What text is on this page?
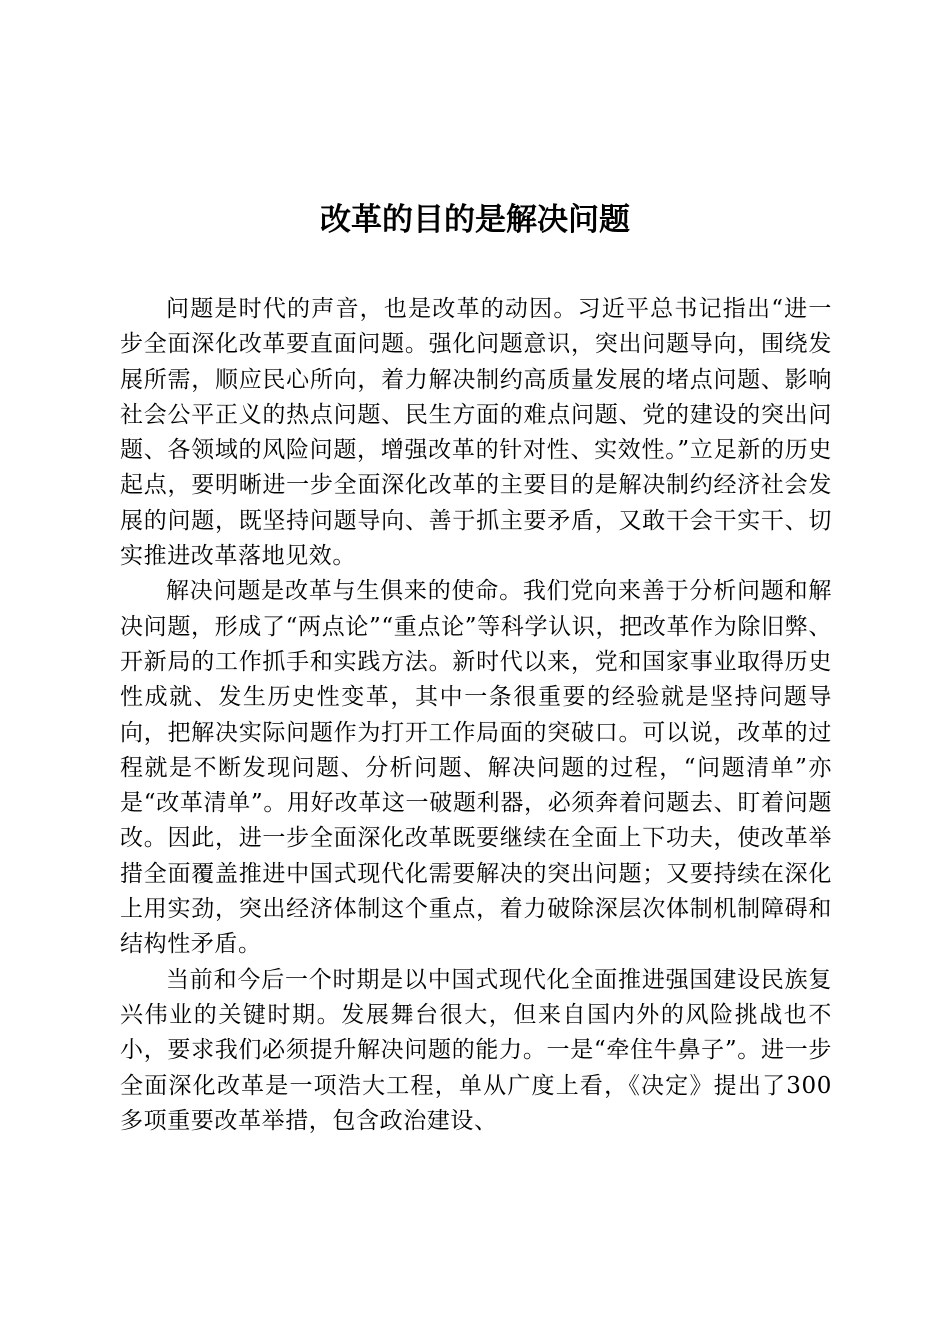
改革的目的是解决问题

问题是时代的声音，也是改革的动因。习近平总书记指出“进一步全面深化改革要直面问题。强化问题意识，突出问题导向，围绕发展所需，顺应民心所向，着力解决制约高质量发展的堵点问题、影响社会公平正义的热点问题、民生方面的难点问题、党的建设的突出问题、各领域的风险问题，增强改革的针对性、实效性。”立足新的历史起点，要明晰进一步全面深化改革的主要目的是解决制约经济社会发展的问题，既坚持问题导向、善于抓主要矛盾，又敢干会干实干、切实推进改革落地见效。

解决问题是改革与生俱来的使命。我们党向来善于分析问题和解决问题，形成了“两点论”“重点论”等科学认识，把改革作为除旧弊、开新局的工作抓手和实践方法。新时代以来，党和国家事业取得历史性成就、发生历史性变革，其中一条很重要的经验就是坚持问题导向，把解决实际问题作为打开工作局面的突破口。可以说，改革的过程就是不断发现问题、分析问题、解决问题的过程，“问题清单”亦是“改革清单”。用好改革这一破题利器，必须奔着问题去、盯着问题改。因此，进一步全面深化改革既要继续在全面上下功夫，使改革举措全面覆盖推进中国式现代化需要解决的突出问题；又要持续在深化上用实劲，突出经济体制这个重点，着力破除深层次体制机制障碍和结构性矛盾。

当前和今后一个时期是以中国式现代化全面推进强国建设民族复兴伟业的关键时期。发展舞台很大，但来自国内外的风险挑战也不小，要求我们必须提升解决问题的能力。一是“牵住牛鼻子”。进一步全面深化改革是一项浩大工程，单从广度上看，《决定》提出了300多项重要改革举措，包含政治建设、
